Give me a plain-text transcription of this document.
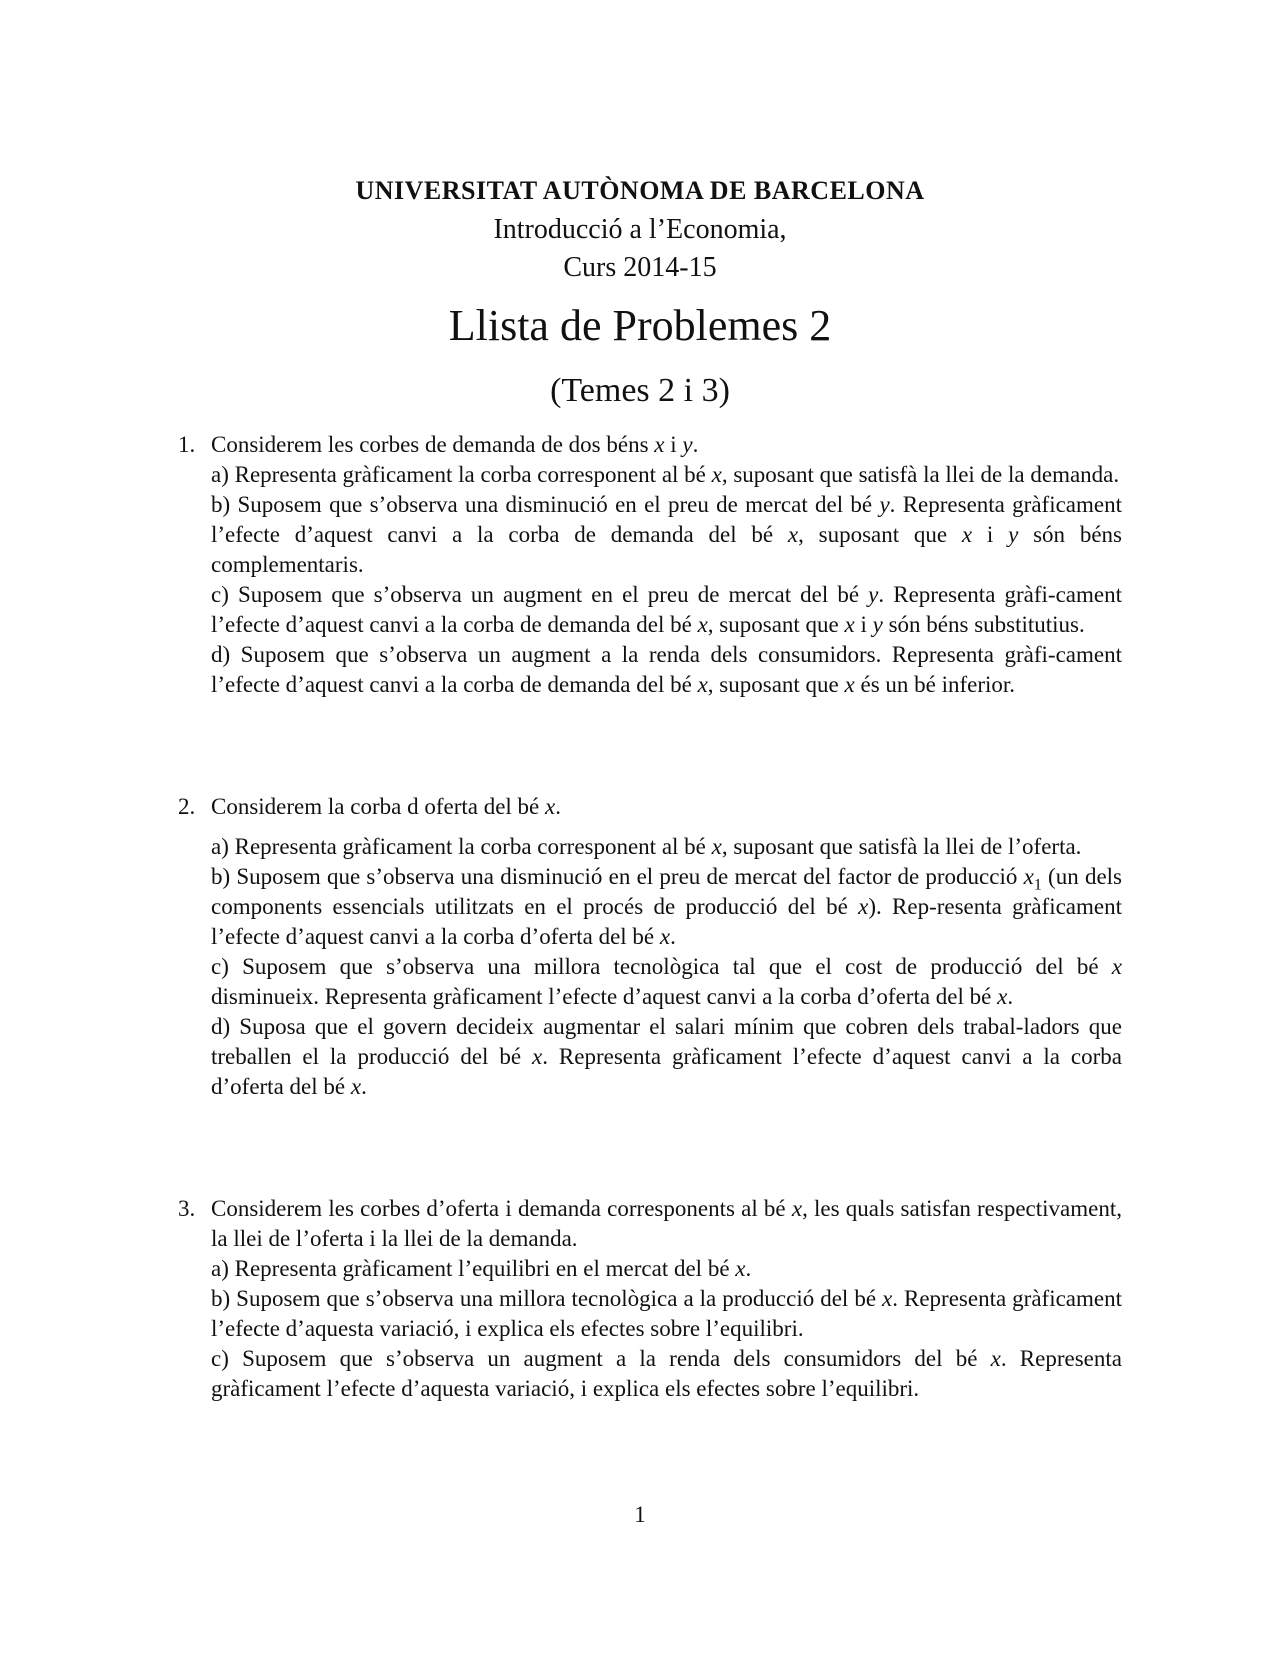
UNIVERSITAT AUTÒNOMA DE BARCELONA
Introducció a l’Economia,
Curs 2014-15
Llista de Problemes 2
(Temes 2 i 3)
1. Considerem les corbes de demanda de dos béns x i y.
a) Representa gràficament la corba corresponent al bé x, suposant que satisfà la llei de la demanda.
b) Suposem que s’observa una disminució en el preu de mercat del bé y. Representa gràficament l’efecte d’aquest canvi a la corba de demanda del bé x, suposant que x i y són béns complementaris.
c) Suposem que s’observa un augment en el preu de mercat del bé y. Representa gràfi-cament l’efecte d’aquest canvi a la corba de demanda del bé x, suposant que x i y són béns substitutius.
d) Suposem que s’observa un augment a la renda dels consumidors. Representa gràfi-cament l’efecte d’aquest canvi a la corba de demanda del bé x, suposant que x és un bé inferior.
2. Considerem la corba d oferta del bé x.
a) Representa gràficament la corba corresponent al bé x, suposant que satisfà la llei de l’oferta.
b) Suposem que s’observa una disminució en el preu de mercat del factor de producció $x_1$ (un dels components essencials utilitzats en el procés de producció del bé x). Rep-resenta gràficament l’efecte d’aquest canvi a la corba d’oferta del bé x.
c) Suposem que s’observa una millora tecnològica tal que el cost de producció del bé x disminueix. Representa gràficament l’efecte d’aquest canvi a la corba d’oferta del bé x.
d) Suposa que el govern decideix augmentar el salari mínim que cobren dels trabal-ladors que treballen el la producció del bé x. Representa gràficament l’efecte d’aquest canvi a la corba d’oferta del bé x.
3. Considerem les corbes d’oferta i demanda corresponents al bé x, les quals satisfan respectivament, la llei de l’oferta i la llei de la demanda.
a) Representa gràficament l’equilibri en el mercat del bé x.
b) Suposem que s’observa una millora tecnològica a la producció del bé x. Representa gràficament l’efecte d’aquesta variació, i explica els efectes sobre l’equilibri.
c) Suposem que s’observa un augment a la renda dels consumidors del bé x. Representa gràficament l’efecte d’aquesta variació, i explica els efectes sobre l’equilibri.
1
